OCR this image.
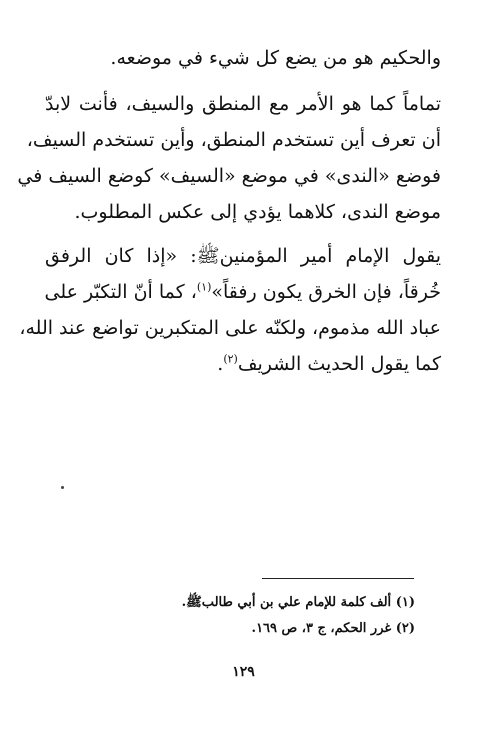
والحكيم هو من يضع كل شيء في موضعه.
تماماً كما هو الأمر مع المنطق والسيف، فأنت لابدّ
أن تعرف أين تستخدم المنطق، وأين تستخدم السيف،
فوضع «الندى» في موضع «السيف» كوضع السيف في
موضع الندى، كلاهما يؤدي إلى عكس المطلوب.
يقول الإمام أمير المؤمنينﷺ: «إذا كان الرفق
خُرقاً، فإن الخرق يكون رفقاً»$^{(١)}$، كما أنّ التكبّر على
عباد الله مذموم، ولكنّه على المتكبرين تواضع عند الله،
كما يقول الحديث الشريف$^{(٢)}$.
(١) ألف كلمة للإمام علي بن أبي طالبﷺ.
(٢) غرر الحكم، ج ٣، ص ١٦٩.
١٢٩
